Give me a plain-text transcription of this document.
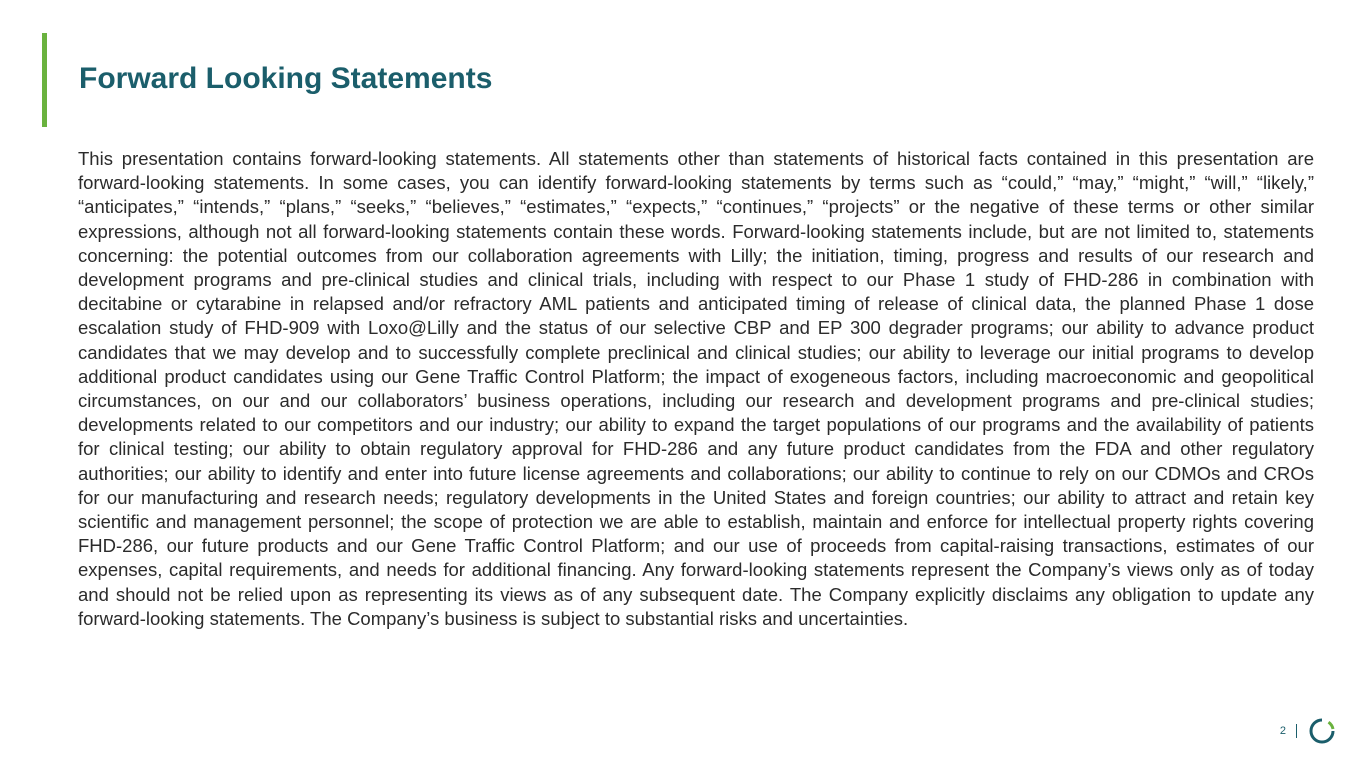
Forward Looking Statements

This presentation contains forward-looking statements. All statements other than statements of historical facts contained in this presentation are forward-looking statements. In some cases, you can identify forward-looking statements by terms such as “could,” “may,” “might,” “will,” “likely,” “anticipates,” “intends,” “plans,” “seeks,” “believes,” “estimates,” “expects,” “continues,” “projects” or the negative of these terms or other similar expressions, although not all forward-looking statements contain these words. Forward-looking statements include, but are not limited to, statements concerning: the potential outcomes from our collaboration agreements with Lilly; the initiation, timing, progress and results of our research and development programs and pre-clinical studies and clinical trials, including with respect to our Phase 1 study of FHD-286 in combination with decitabine or cytarabine in relapsed and/or refractory AML patients and anticipated timing of release of clinical data, the planned Phase 1 dose escalation study of FHD-909 with Loxo@Lilly and the status of our selective CBP and EP 300 degrader programs; our ability to advance product candidates that we may develop and to successfully complete preclinical and clinical studies; our ability to leverage our initial programs to develop additional product candidates using our Gene Traffic Control Platform; the impact of exogeneous factors, including macroeconomic and geopolitical circumstances, on our and our collaborators’ business operations, including our research and development programs and pre-clinical studies; developments related to our competitors and our industry; our ability to expand the target populations of our programs and the availability of patients for clinical testing; our ability to obtain regulatory approval for FHD-286 and any future product candidates from the FDA and other regulatory authorities; our ability to identify and enter into future license agreements and collaborations; our ability to continue to rely on our CDMOs and CROs for our manufacturing and research needs; regulatory developments in the United States and foreign countries; our ability to attract and retain key scientific and management personnel; the scope of protection we are able to establish, maintain and enforce for intellectual property rights covering FHD-286, our future products and our Gene Traffic Control Platform; and our use of proceeds from capital-raising transactions, estimates of our expenses, capital requirements, and needs for additional financing. Any forward-looking statements represent the Company’s views only as of today and should not be relied upon as representing its views as of any subsequent date. The Company explicitly disclaims any obligation to update any forward-looking statements. The Company’s business is subject to substantial risks and uncertainties.

2
